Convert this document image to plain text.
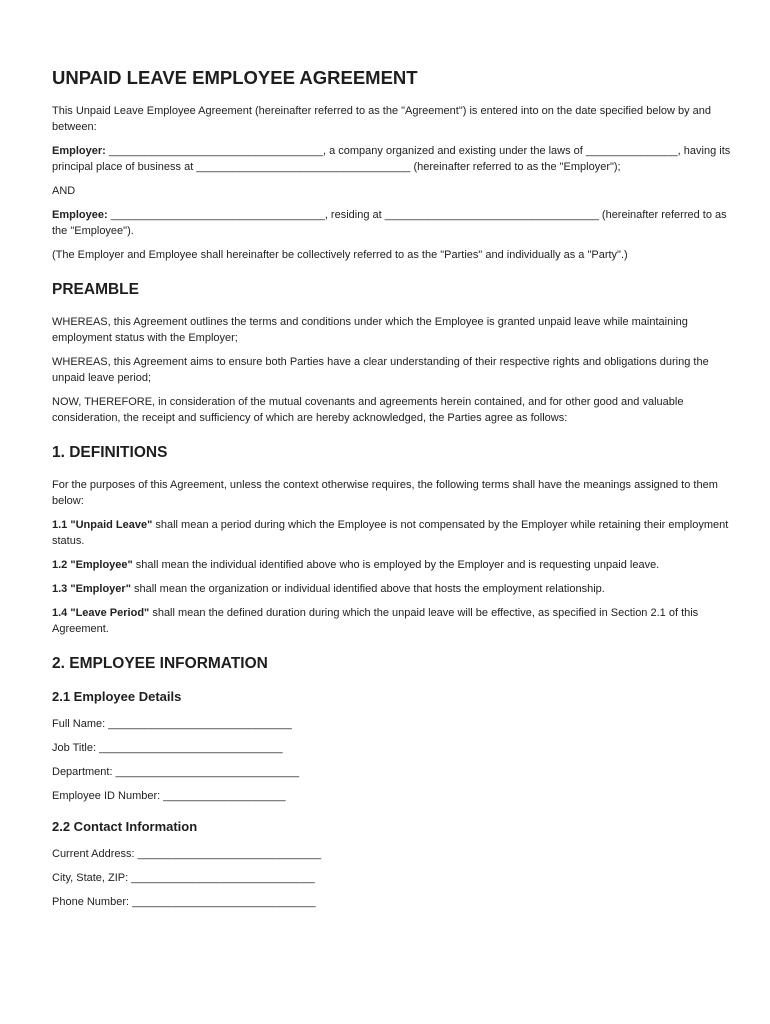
UNPAID LEAVE EMPLOYEE AGREEMENT

This Unpaid Leave Employee Agreement (hereinafter referred to as the "Agreement") is entered into on the date specified below by and between:

Employer: ___________________________________, a company organized and existing under the laws of _______________, having its principal place of business at ___________________________________ (hereinafter referred to as the "Employer");

AND

Employee: ___________________________________, residing at ___________________________________ (hereinafter referred to as the "Employee").

(The Employer and Employee shall hereinafter be collectively referred to as the "Parties" and individually as a "Party".)

PREAMBLE

WHEREAS, this Agreement outlines the terms and conditions under which the Employee is granted unpaid leave while maintaining employment status with the Employer;

WHEREAS, this Agreement aims to ensure both Parties have a clear understanding of their respective rights and obligations during the unpaid leave period;

NOW, THEREFORE, in consideration of the mutual covenants and agreements herein contained, and for other good and valuable consideration, the receipt and sufficiency of which are hereby acknowledged, the Parties agree as follows:

1. DEFINITIONS

For the purposes of this Agreement, unless the context otherwise requires, the following terms shall have the meanings assigned to them below:

1.1 "Unpaid Leave" shall mean a period during which the Employee is not compensated by the Employer while retaining their employment status.

1.2 "Employee" shall mean the individual identified above who is employed by the Employer and is requesting unpaid leave.

1.3 "Employer" shall mean the organization or individual identified above that hosts the employment relationship.

1.4 "Leave Period" shall mean the defined duration during which the unpaid leave will be effective, as specified in Section 2.1 of this Agreement.

2. EMPLOYEE INFORMATION
2.1 Employee Details
Full Name: ______________________________
Job Title: ______________________________
Department: ______________________________
Employee ID Number: ____________________
2.2 Contact Information
Current Address: ______________________________
City, State, ZIP: ______________________________
Phone Number: ______________________________
